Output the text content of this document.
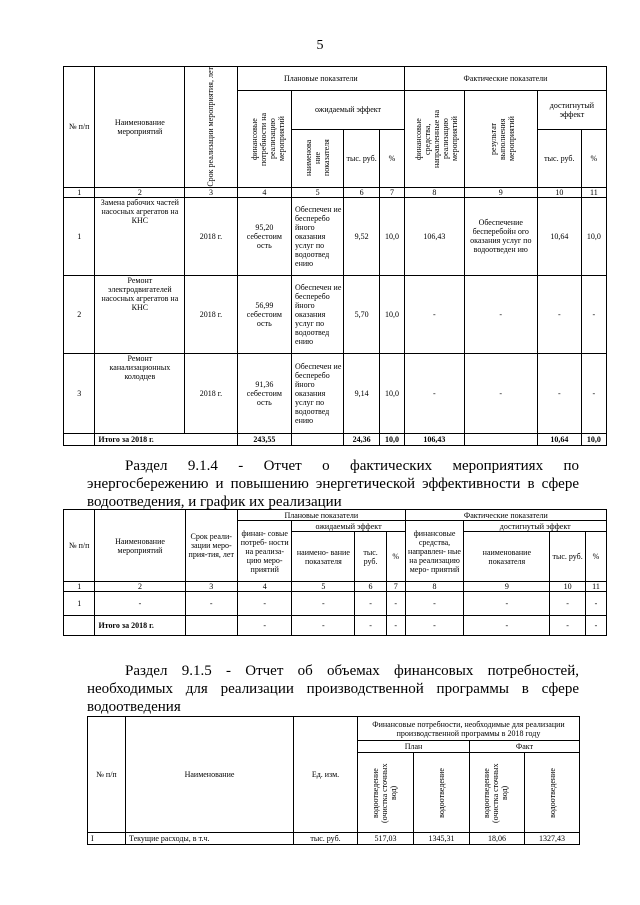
5
№ п/п	Наименование мероприятий	Срок реализации мероприятия, лет	Плановые показатели				Фактические показатели			

			финансовые потребности на реализацию мероприятий	ожидаемый эффект			финансовые средства, направленные на реализацию мероприятий	результат выполнения мероприятий	достигнутый эффект	

				наименова ние показателя	тыс. руб.	%			тыс. руб.	%
1	2	3	4	5	6	7	8	9	10	11
1	Замена рабочих частей насосных агрегатов на КНС	2018 г.	95,20 себестоим ость	Обеспечен ие бесперебо йного оказания услуг по водоотвед ению	9,52	10,0	106,43	Обеспечение бесперебойн ого оказания услуг по водоотведен ию	10,64	10,0
2	Ремонт электродвигателей насосных агрегатов на КНС	2018 г.	56,99 себестоим ость	Обеспечен ие бесперебо йного оказания услуг по водоотвед ению	5,70	10,0	-	-	-	-
3	Ремонт канализационных колодцев	2018 г.	91,36 себестоим ость	Обеспечен ие бесперебо йного оказания услуг по водоотвед ению	9,14	10,0	-	-	-	-
	Итого за 2018 г.		243,55		24,36	10,0	106,43		10,64	10,0
Раздел 9.1.4 - Отчет о фактических мероприятиях по энергосбережению и повышению энергетической эффективности в сфере водоотведения, и график их реализации
№ п/п	Наименование мероприятий	Срок реали- зации меро- прия-тия, лет	Плановые показатели				Фактические показатели			
			финан- совые потреб- ности на реализа- цию меро- приятий	ожидаемый эффект			финансовые средства, направлен- ные на реализацию меро- приятий	достигнутый эффект		
				наимено- вание показателя	тыс. руб.	%		наименование показателя	тыс. руб.	%
1	2	3	4	5	6	7	8	9	10	11
1	-	-	-	-	-	-	-	-	-	-
	Итого за 2018 г.		-	-	-	-	-	-	-	-
Раздел 9.1.5 - Отчет об объемах финансовых потребностей, необходимых для реализации производственной программы в сфере водоотведения
№ п/п	Наименование	Ед. изм.	Финансовые потребности, необходимые для реализации производственной программы в 2018 году			
			План		Факт	

			водоотведение (очистка сточных вод)	водоотведение	водоотведение (очистка сточных вод)	водоотведение

I	Текущие расходы, в т.ч.	тыс. руб.	517,03	1345,31	18,06	1327,43
